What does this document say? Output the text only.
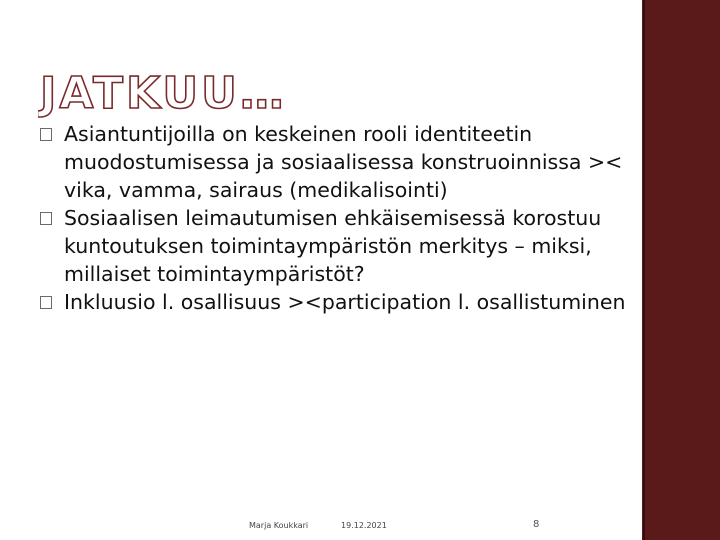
JATKUU…

Asiantuntijoilla on keskeinen rooli identiteetin muodostumisessa ja sosiaalisessa konstruoinnissa >< vika, vamma, sairaus (medikalisointi)

Sosiaalisen leimautumisen ehkäisemisessä korostuu kuntoutuksen toimintaympäristön merkitys – miksi, millaiset toimintaympäristöt?

Inkluusio l. osallisuus ><participation l. osallistuminen

Marja Koukkari	19.12.2021	8
